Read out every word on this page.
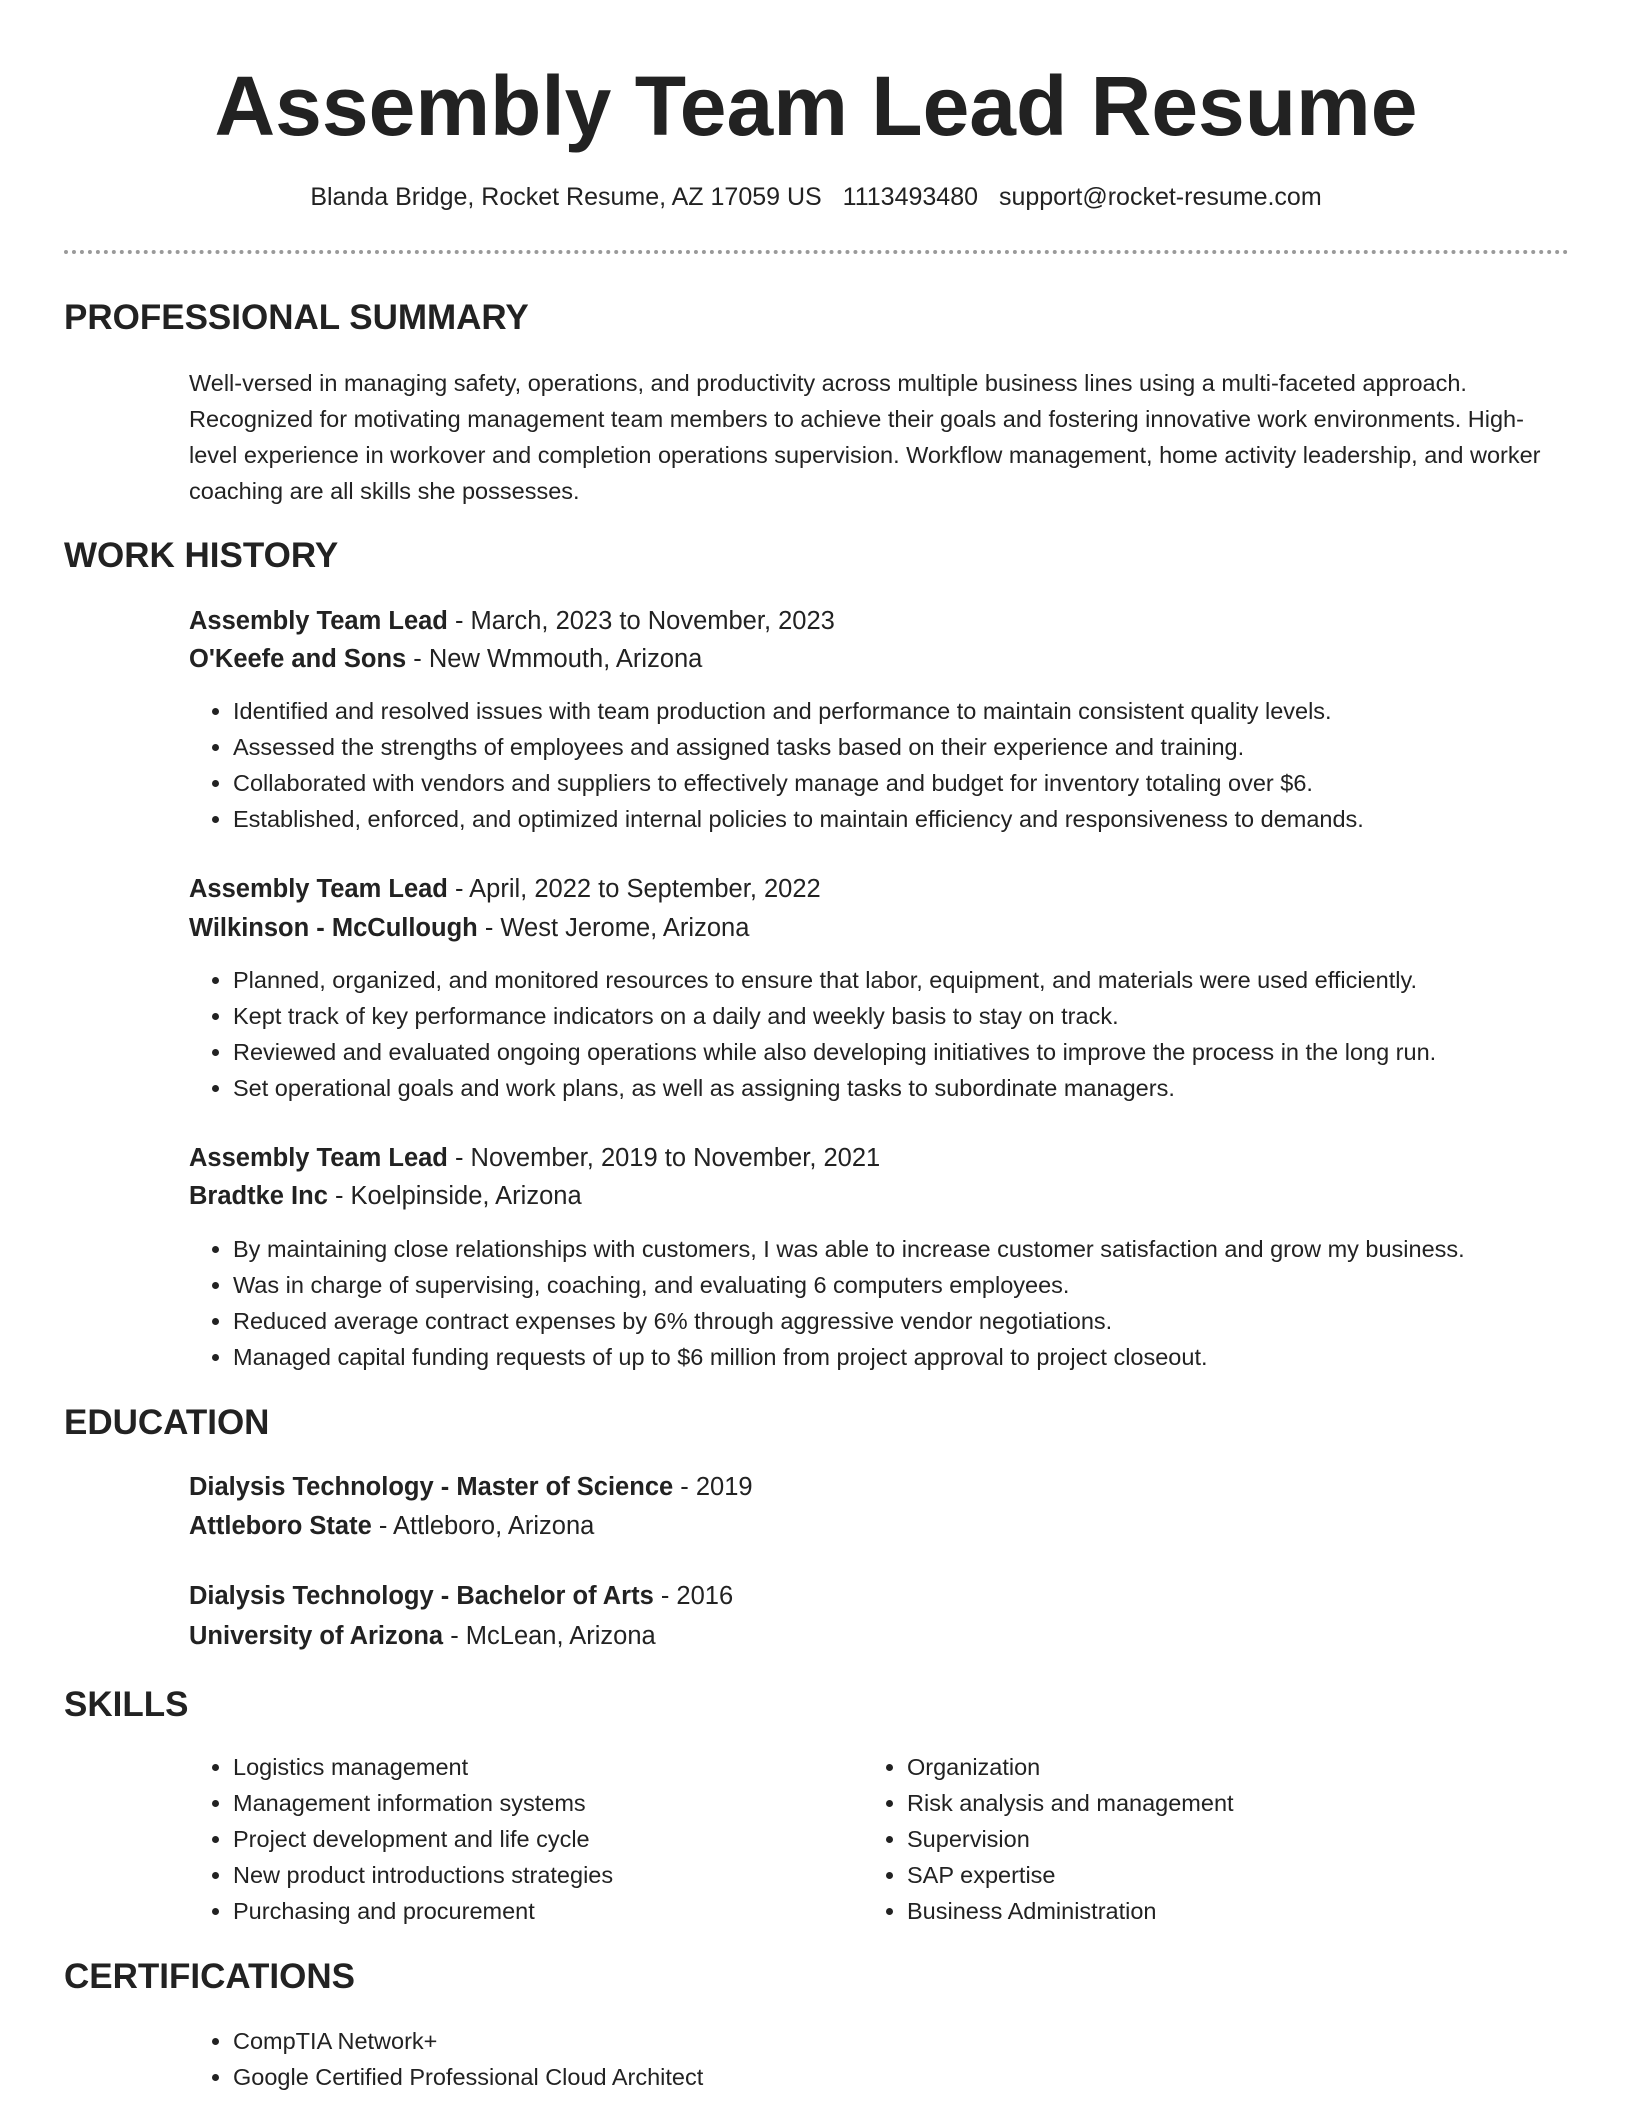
Assembly Team Lead Resume
Blanda Bridge, Rocket Resume, AZ 17059 US 1113493480 support@rocket-resume.com
PROFESSIONAL SUMMARY

Well-versed in managing safety, operations, and productivity across multiple business lines using a multi-faceted approach. Recognized for motivating management team members to achieve their goals and fostering innovative work environments. High-level experience in workover and completion operations supervision. Workflow management, home activity leadership, and worker coaching are all skills she possesses.

WORK HISTORY
Assembly Team Lead - March, 2023 to November, 2023
O'Keefe and Sons - New Wmmouth, Arizona
• Identified and resolved issues with team production and performance to maintain consistent quality levels.
• Assessed the strengths of employees and assigned tasks based on their experience and training.
• Collaborated with vendors and suppliers to effectively manage and budget for inventory totaling over $6.
• Established, enforced, and optimized internal policies to maintain efficiency and responsiveness to demands.
Assembly Team Lead - April, 2022 to September, 2022
Wilkinson - McCullough - West Jerome, Arizona
• Planned, organized, and monitored resources to ensure that labor, equipment, and materials were used efficiently.
• Kept track of key performance indicators on a daily and weekly basis to stay on track.
• Reviewed and evaluated ongoing operations while also developing initiatives to improve the process in the long run.
• Set operational goals and work plans, as well as assigning tasks to subordinate managers.
Assembly Team Lead - November, 2019 to November, 2021
Bradtke Inc - Koelpinside, Arizona
• By maintaining close relationships with customers, I was able to increase customer satisfaction and grow my business.
• Was in charge of supervising, coaching, and evaluating 6 computers employees.
• Reduced average contract expenses by 6% through aggressive vendor negotiations.
• Managed capital funding requests of up to $6 million from project approval to project closeout.
EDUCATION
Dialysis Technology - Master of Science - 2019
Attleboro State - Attleboro, Arizona
Dialysis Technology - Bachelor of Arts - 2016
University of Arizona - McLean, Arizona
SKILLS
• Logistics management
• Management information systems
• Project development and life cycle
• New product introductions strategies
• Purchasing and procurement
• Organization
• Risk analysis and management
• Supervision
• SAP expertise
• Business Administration
CERTIFICATIONS
• CompTIA Network+
• Google Certified Professional Cloud Architect
